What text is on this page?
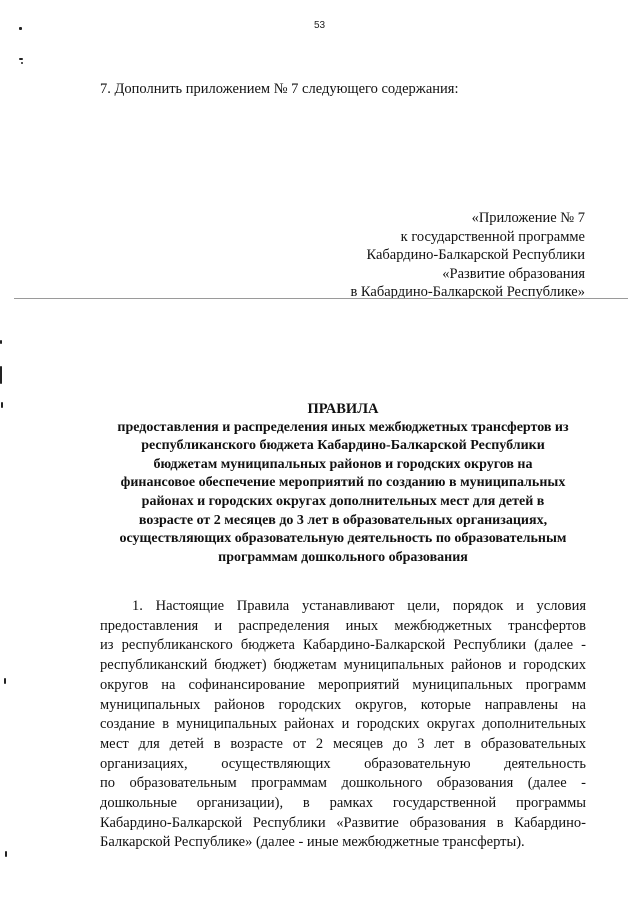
53
7. Дополнить приложением № 7 следующего содержания:
«Приложение № 7
к государственной программе
Кабардино-Балкарской Республики
«Развитие образования
в Кабардино-Балкарской Республике»
ПРАВИЛА
предоставления и распределения иных межбюджетных трансфертов из
республиканского бюджета Кабардино-Балкарской Республики
бюджетам муниципальных районов и городских округов на
финансовое обеспечение мероприятий по созданию в муниципальных
районах и городских округах дополнительных мест для детей в
возрасте от 2 месяцев до 3 лет в образовательных организациях,
осуществляющих образовательную деятельность по образовательным
программам дошкольного образования
1. Настоящие Правила устанавливают цели, порядок и условия
предоставления и распределения иных межбюджетных трансфертов
из республиканского бюджета Кабардино-Балкарской Республики (далее -
республиканский бюджет) бюджетам муниципальных районов и городских
округов на софинансирование мероприятий муниципальных программ
муниципальных районов городских округов, которые направлены на
создание в муниципальных районах и городских округах дополнительных
мест для детей в возрасте от 2 месяцев до 3 лет в образовательных
организациях, осуществляющих образовательную деятельность
по образовательным программам дошкольного образования (далее -
дошкольные организации), в рамках государственной программы
Кабардино-Балкарской Республики «Развитие образования в Кабардино-
Балкарской Республике» (далее - иные межбюджетные трансферты).
